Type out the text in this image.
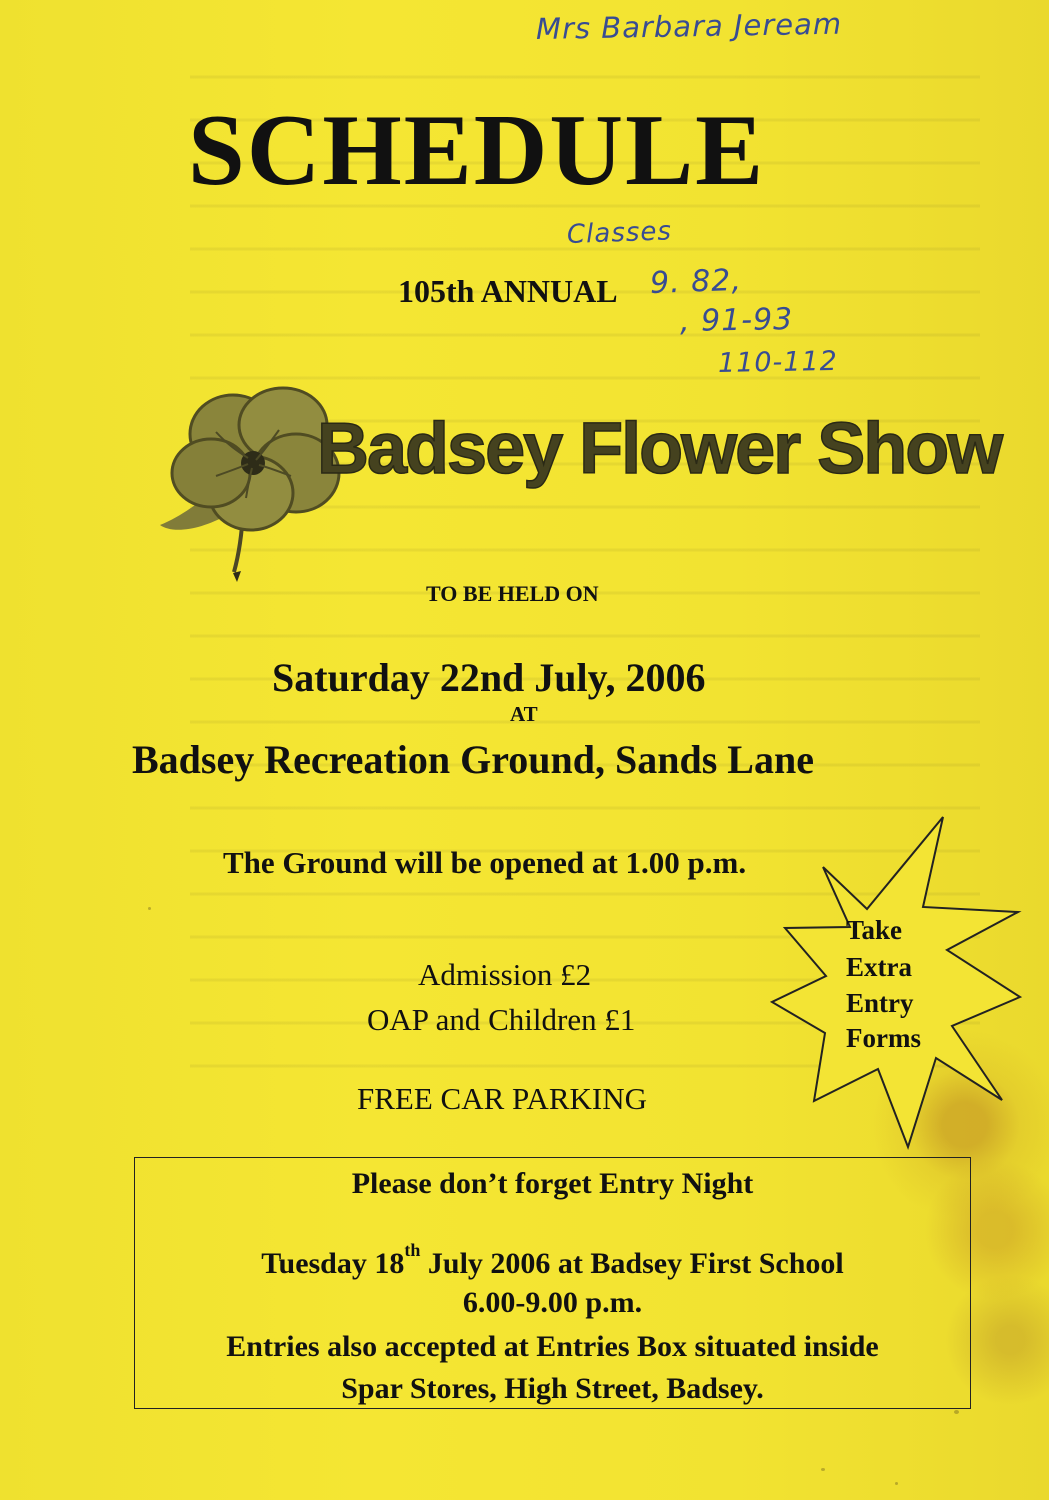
Mrs Barbara Jeream
Classes
9. 82,
, 91-93
110-112
SCHEDULE
105th ANNUAL
Badsey Flower Show
TO BE HELD ON
Saturday 22nd July, 2006
AT
Badsey Recreation Ground, Sands Lane
The Ground will be opened at 1.00 p.m.
Admission £2
OAP and Children £1
FREE CAR PARKING
Take
Extra
Entry
Forms
Please don’t forget Entry Night
Tuesday 18th July 2006 at Badsey First School
6.00-9.00 p.m.
Entries also accepted at Entries Box situated inside
Spar Stores, High Street, Badsey.
